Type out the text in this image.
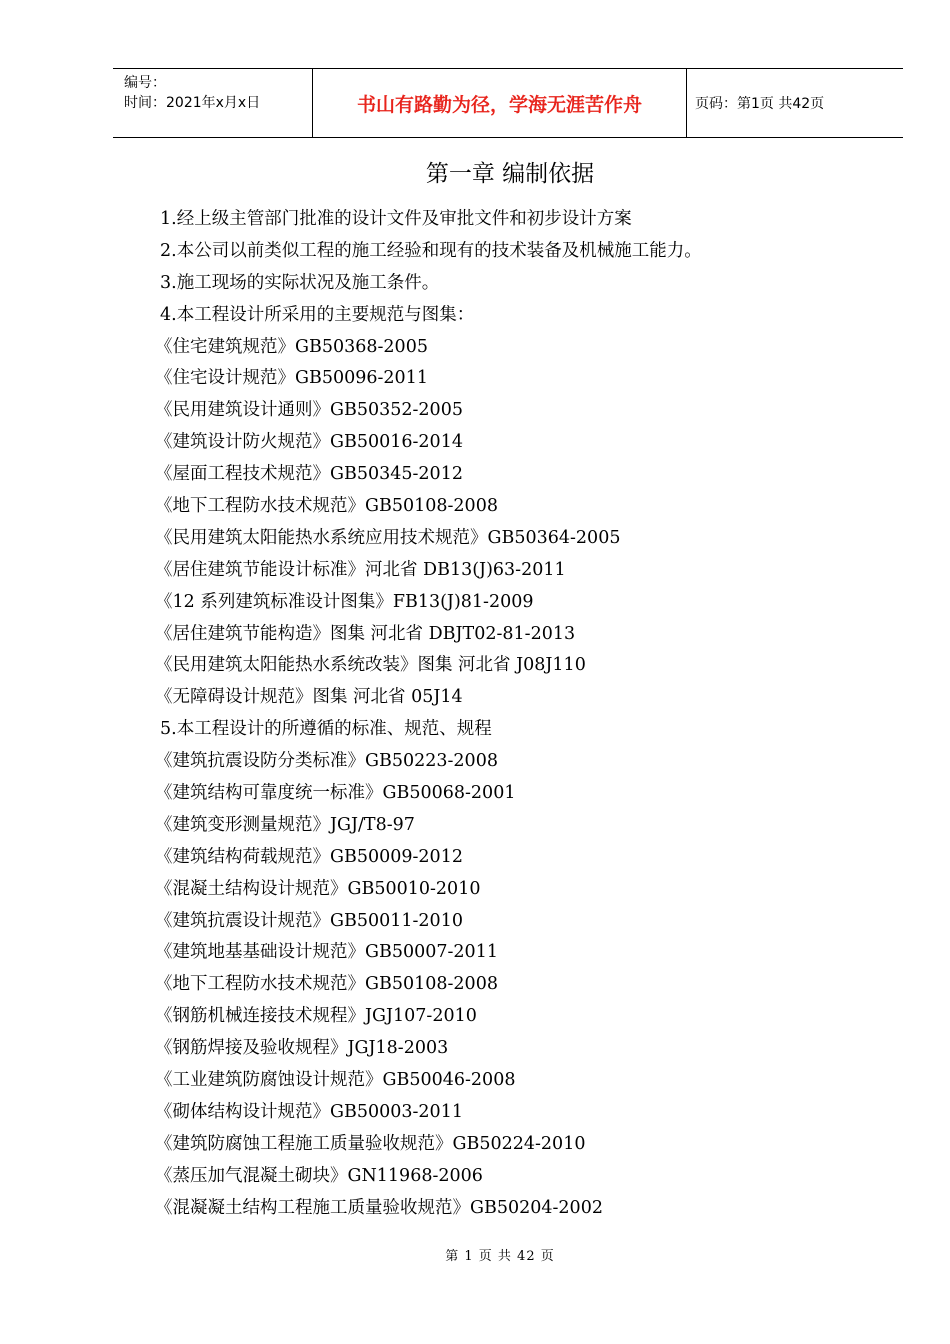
编号：
时间：2021年x月x日	书山有路勤为径，学海无涯苦作舟	页码：第1页 共42页
第一章 编制依据
1.经上级主管部门批准的设计文件及审批文件和初步设计方案
2.本公司以前类似工程的施工经验和现有的技术装备及机械施工能力。
3.施工现场的实际状况及施工条件。
4.本工程设计所采用的主要规范与图集：
《住宅建筑规范》GB50368-2005
《住宅设计规范》GB50096-2011
《民用建筑设计通则》GB50352-2005
《建筑设计防火规范》GB50016-2014
《屋面工程技术规范》GB50345-2012
《地下工程防水技术规范》GB50108-2008
《民用建筑太阳能热水系统应用技术规范》GB50364-2005
《居住建筑节能设计标准》河北省 DB13(J)63-2011
《12 系列建筑标准设计图集》FB13(J)81-2009
《居住建筑节能构造》图集 河北省 DBJT02-81-2013
《民用建筑太阳能热水系统改装》图集 河北省 J08J110
《无障碍设计规范》图集 河北省 05J14
5.本工程设计的所遵循的标准、规范、规程
《建筑抗震设防分类标准》GB50223-2008
《建筑结构可靠度统一标准》GB50068-2001
《建筑变形测量规范》JGJ/T8-97
《建筑结构荷载规范》GB50009-2012
《混凝土结构设计规范》GB50010-2010
《建筑抗震设计规范》GB50011-2010
《建筑地基基础设计规范》GB50007-2011
《地下工程防水技术规范》GB50108-2008
《钢筋机械连接技术规程》JGJ107-2010
《钢筋焊接及验收规程》JGJ18-2003
《工业建筑防腐蚀设计规范》GB50046-2008
《砌体结构设计规范》GB50003-2011
《建筑防腐蚀工程施工质量验收规范》GB50224-2010
《蒸压加气混凝土砌块》GN11968-2006
《混凝凝土结构工程施工质量验收规范》GB50204-2002
第 1 页 共 42 页
